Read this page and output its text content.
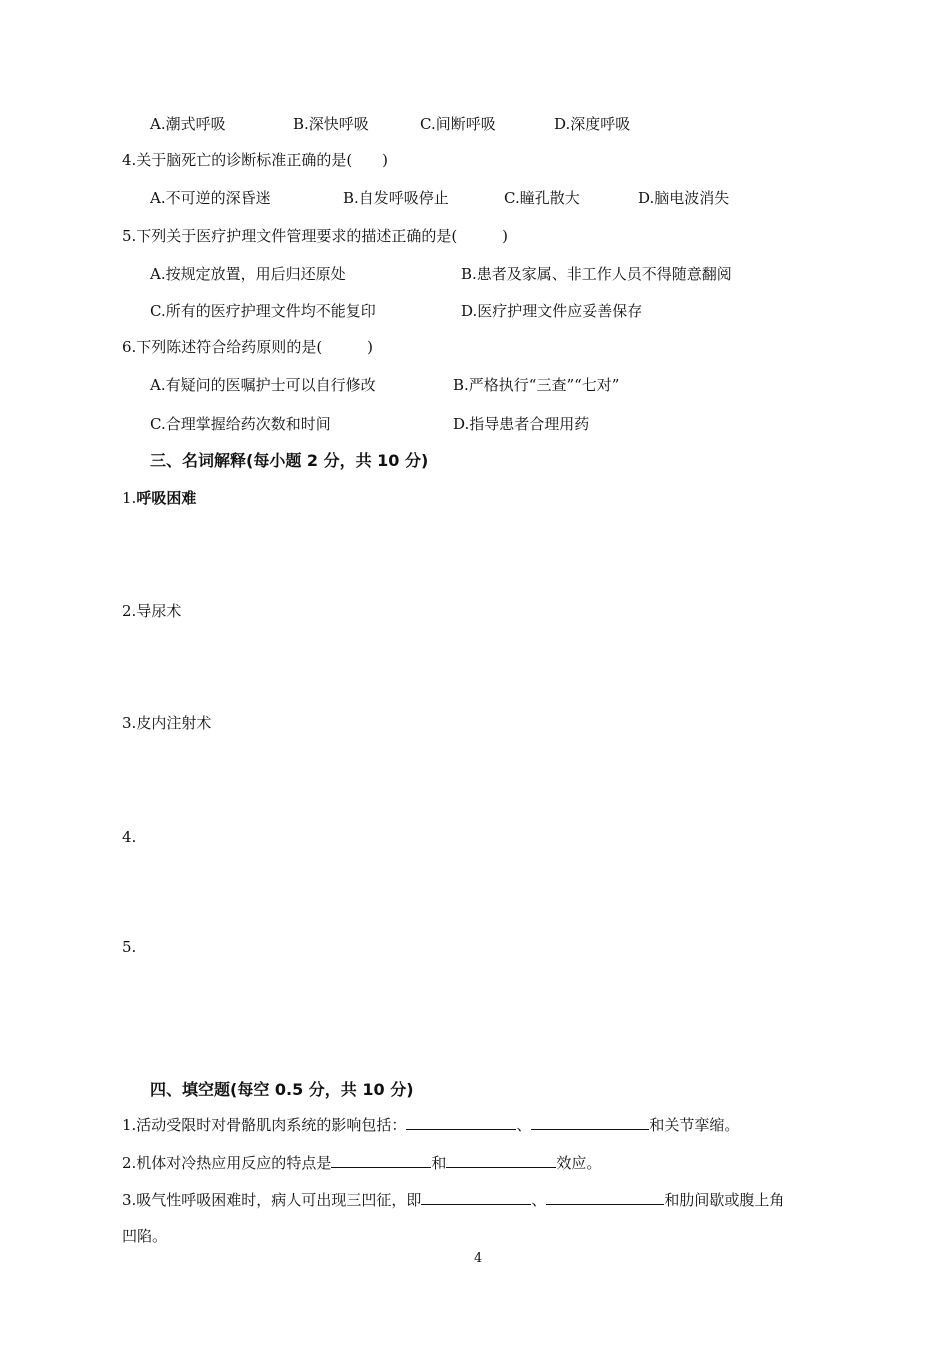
A.潮式呼吸	B.深快呼吸	C.间断呼吸	D.深度呼吸
4.关于脑死亡的诊断标准正确的是(　　)
A.不可逆的深昏迷	B.自发呼吸停止	C.瞳孔散大	D.脑电波消失
5.下列关于医疗护理文件管理要求的描述正确的是(　　　)
A.按规定放置，用后归还原处	B.患者及家属、非工作人员不得随意翻阅
C.所有的医疗护理文件均不能复印	D.医疗护理文件应妥善保存
6.下列陈述符合给药原则的是(　　　)
A.有疑问的医嘱护士可以自行修改	B.严格执行“三查”“七对”
C.合理掌握给药次数和时间	D.指导患者合理用药
三、名词解释(每小题 2 分，共 10 分)
1.呼吸困难
2.导尿术
3.皮内注射术
4.
5.
四、填空题(每空 0.5 分，共 10 分)
1.活动受限时对骨骼肌肉系统的影响包括：	、	和关节挛缩。
2.机体对冷热应用反应的特点是	和	效应。
3.吸气性呼吸困难时，病人可出现三凹征，即	、	和肋间歇或腹上角
凹陷。
4
